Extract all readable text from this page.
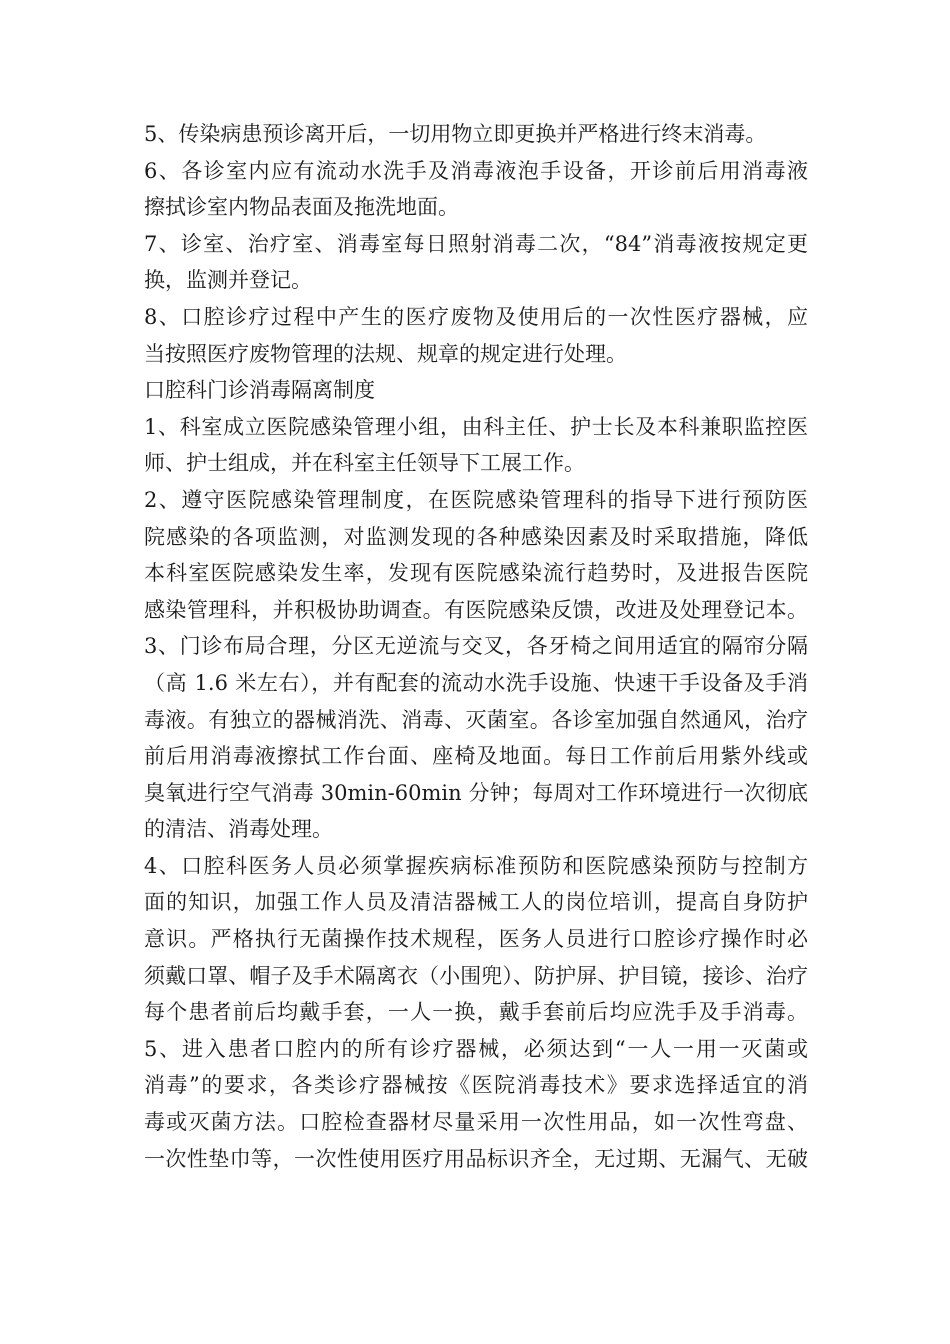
5、传染病患预诊离开后，一切用物立即更换并严格进行终末消毒。
6、各诊室内应有流动水洗手及消毒液泡手设备，开诊前后用消毒液
擦拭诊室内物品表面及拖洗地面。
7、诊室、治疗室、消毒室每日照射消毒二次，“84”消毒液按规定更
换，监测并登记。
8、口腔诊疗过程中产生的医疗废物及使用后的一次性医疗器械，应
当按照医疗废物管理的法规、规章的规定进行处理。
口腔科门诊消毒隔离制度
1、科室成立医院感染管理小组，由科主任、护士长及本科兼职监控医
师、护士组成，并在科室主任领导下工展工作。
2、遵守医院感染管理制度，在医院感染管理科的指导下进行预防医
院感染的各项监测，对监测发现的各种感染因素及时采取措施，降低
本科室医院感染发生率，发现有医院感染流行趋势时，及进报告医院
感染管理科，并积极协助调查。有医院感染反馈，改进及处理登记本。
3、门诊布局合理，分区无逆流与交叉，各牙椅之间用适宜的隔帘分隔
（高 1.6 米左右），并有配套的流动水洗手设施、快速干手设备及手消
毒液。有独立的器械消洗、消毒、灭菌室。各诊室加强自然通风，治疗
前后用消毒液擦拭工作台面、座椅及地面。每日工作前后用紫外线或
臭氧进行空气消毒 30min-60min 分钟；每周对工作环境进行一次彻底
的清洁、消毒处理。
4、口腔科医务人员必须掌握疾病标准预防和医院感染预防与控制方
面的知识，加强工作人员及清洁器械工人的岗位培训，提高自身防护
意识。严格执行无菌操作技术规程，医务人员进行口腔诊疗操作时必
须戴口罩、帽子及手术隔离衣（小围兜）、防护屏、护目镜，接诊、治疗
每个患者前后均戴手套，一人一换，戴手套前后均应洗手及手消毒。
5、进入患者口腔内的所有诊疗器械，必须达到“一人一用一灭菌或
消毒”的要求，各类诊疗器械按《医院消毒技术》要求选择适宜的消
毒或灭菌方法。口腔检查器材尽量采用一次性用品，如一次性弯盘、
一次性垫巾等，一次性使用医疗用品标识齐全，无过期、无漏气、无破
